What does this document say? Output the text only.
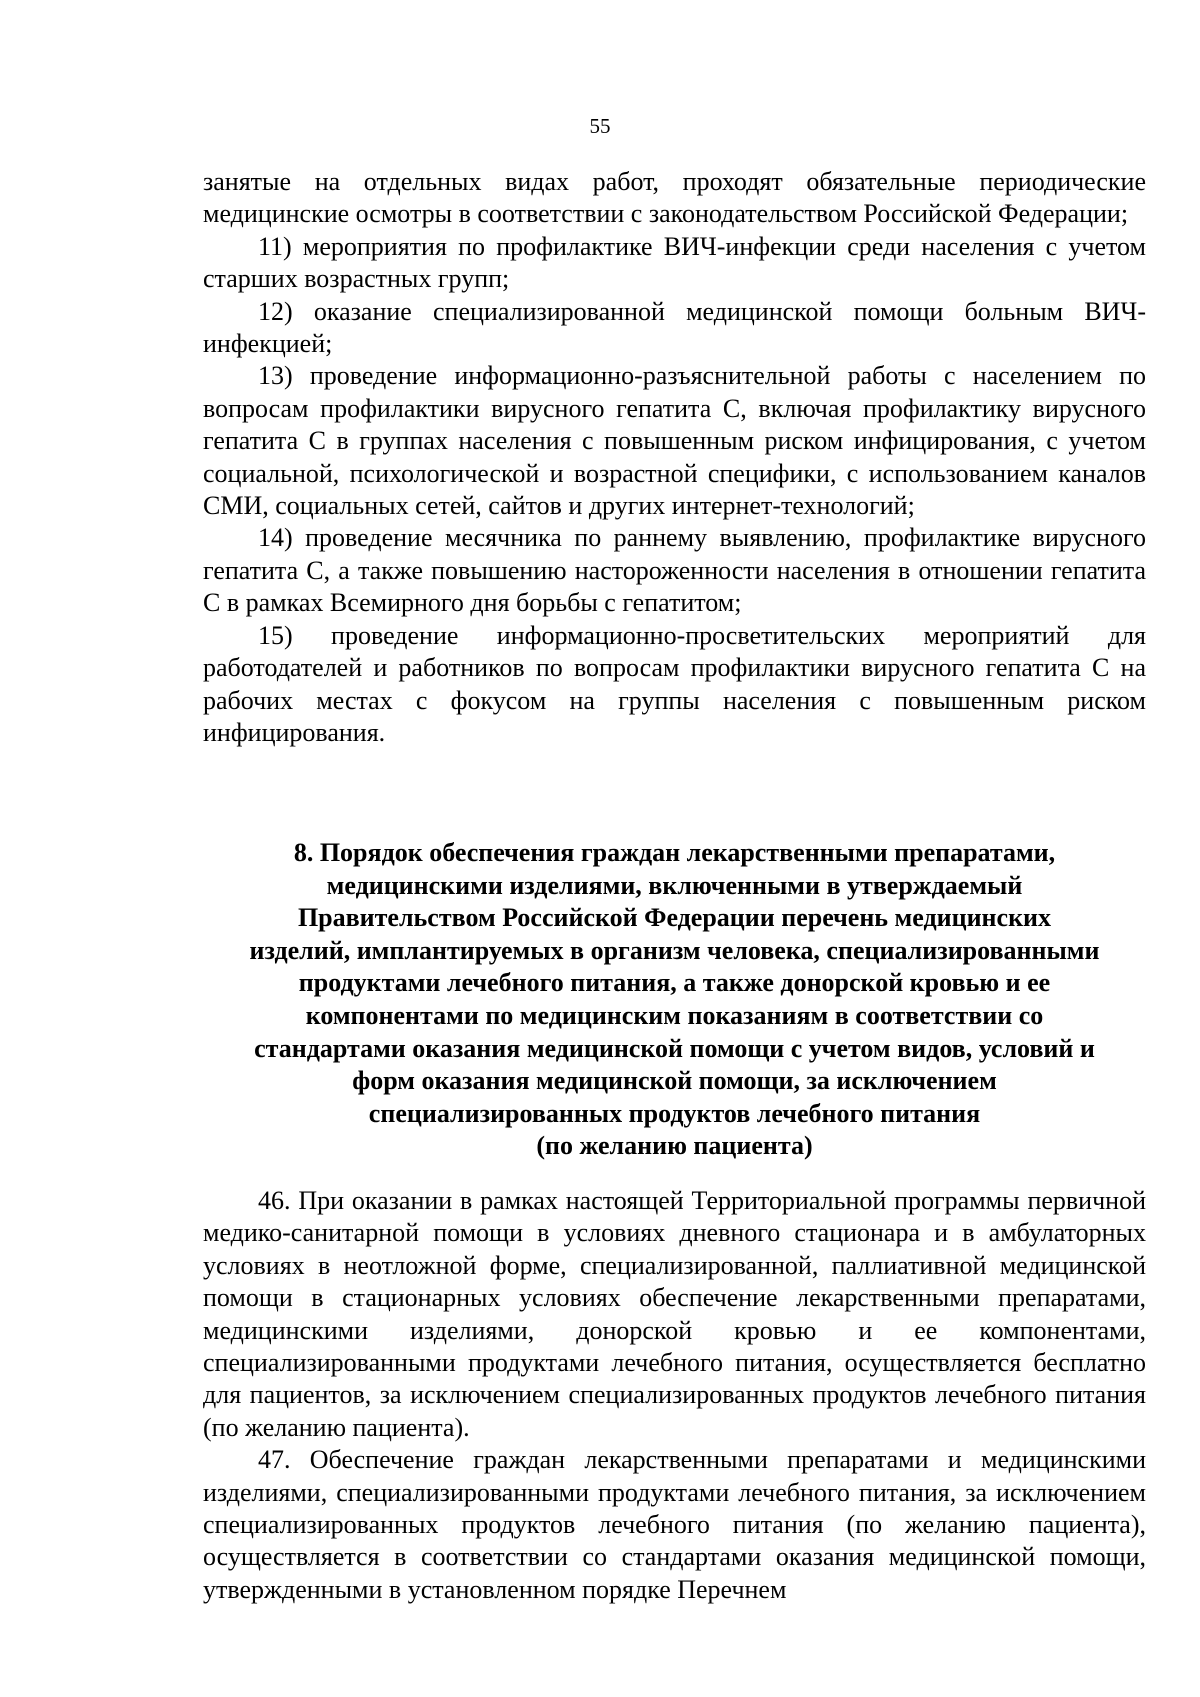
55

занятые на отдельных видах работ, проходят обязательные периодические медицинские осмотры в соответствии с законодательством Российской Федерации;

11) мероприятия по профилактике ВИЧ-инфекции среди населения с учетом старших возрастных групп;

12) оказание специализированной медицинской помощи больным ВИЧ-инфекцией;

13) проведение информационно-разъяснительной работы с населением по вопросам профилактики вирусного гепатита С, включая профилактику вирусного гепатита С в группах населения с повышенным риском инфицирования, с учетом социальной, психологической и возрастной специфики, с использованием каналов СМИ, социальных сетей, сайтов и других интернет-технологий;

14) проведение месячника по раннему выявлению, профилактике вирусного гепатита С, а также повышению настороженности населения в отношении гепатита С в рамках Всемирного дня борьбы с гепатитом;

15) проведение информационно-просветительских мероприятий для работодателей и работников по вопросам профилактики вирусного гепатита С на рабочих местах с фокусом на группы населения с повышенным риском инфицирования.

8. Порядок обеспечения граждан лекарственными препаратами,
медицинскими изделиями, включенными в утверждаемый
Правительством Российской Федерации перечень медицинских
изделий, имплантируемых в организм человека, специализированными
продуктами лечебного питания, а также донорской кровью и ее
компонентами по медицинским показаниям в соответствии со
стандартами оказания медицинской помощи с учетом видов, условий и
форм оказания медицинской помощи, за исключением
специализированных продуктов лечебного питания
(по желанию пациента)

46. При оказании в рамках настоящей Территориальной программы первичной медико-санитарной помощи в условиях дневного стационара и в амбулаторных условиях в неотложной форме, специализированной, паллиативной медицинской помощи в стационарных условиях обеспечение лекарственными препаратами, медицинскими изделиями, донорской кровью и ее компонентами, специализированными продуктами лечебного питания, осуществляется бесплатно для пациентов, за исключением специализированных продуктов лечебного питания (по желанию пациента).

47. Обеспечение граждан лекарственными препаратами и медицинскими изделиями, специализированными продуктами лечебного питания, за исключением специализированных продуктов лечебного питания (по желанию пациента), осуществляется в соответствии со стандартами оказания медицинской помощи, утвержденными в установленном порядке Перечнем
